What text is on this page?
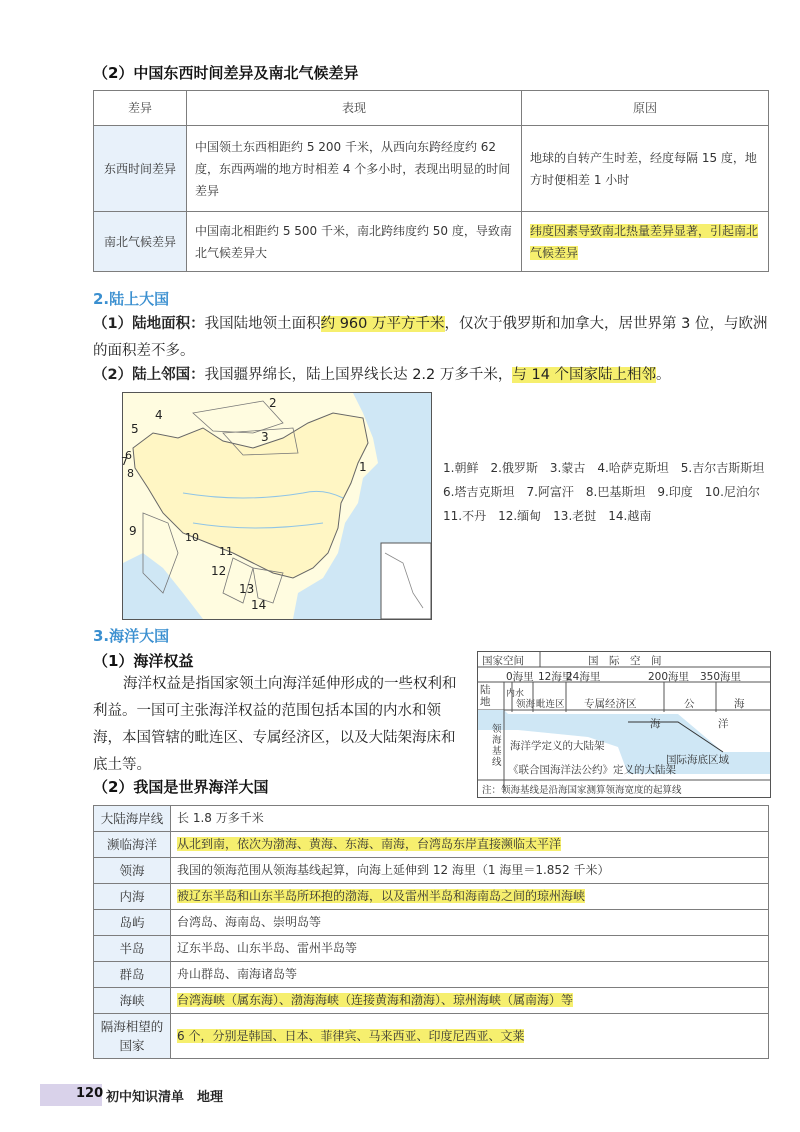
（2）中国东西时间差异及南北气候差异
差异	表现	原因
东西时间差异	中国领土东西相距约 5 200 千米，从西向东跨经度约 62 度，东西两端的地方时相差 4 个多小时，表现出明显的时间差异	地球的自转产生时差，经度每隔 15 度，地方时便相差 1 小时
南北气候差异	中国南北相距约 5 500 千米，南北跨纬度约 50 度，导致南北气候差异大	纬度因素导致南北热量差异显著，引起南北气候差异
2.陆上大国
（1）陆地面积：我国陆地领土面积约 960 万平方千米，仅次于俄罗斯和加拿大，居世界第 3 位，与欧洲的面积差不多。
（2）陆上邻国：我国疆界绵长，陆上国界线长达 2.2 万多千米，与 14 个国家陆上相邻。
1
2
3
4
5
6
7
8
9	10
11
12
13
14
1.朝鲜　2.俄罗斯　3.蒙古　4.哈萨克斯坦　5.吉尔吉斯斯坦　6.塔吉克斯坦　7.阿富汗　8.巴基斯坦　9.印度　10.尼泊尔　11.不丹　12.缅甸　13.老挝　14.越南
3.海洋大国
（1）海洋权益
海洋权益是指国家领土向海洋延伸形成的一些权利和利益。一国可主张海洋权益的范围包括本国的内水和领海，本国管辖的毗连区、专属经济区，以及大陆架海床和底土等。
（2）我国是世界海洋大国
国家空间	国　际　空　间
0海里 12海里
24海里	200海里 350海里
陆地
内水
领海 毗连区 专属经济区	公	海
海	洋
领海基线
海洋学定义的大陆架
《联合国海洋法公约》定义的大陆架
国际海底区域
注：领海基线是沿海国家测算领海宽度的起算线
大陆海岸线	长 1.8 万多千米
濒临海洋	从北到南，依次为渤海、黄海、东海、南海，台湾岛东岸直接濒临太平洋
领海	我国的领海范围从领海基线起算，向海上延伸到 12 海里（1 海里＝1.852 千米）
内海	被辽东半岛和山东半岛所环抱的渤海，以及雷州半岛和海南岛之间的琼州海峡
岛屿	台湾岛、海南岛、崇明岛等
半岛	辽东半岛、山东半岛、雷州半岛等
群岛	舟山群岛、南海诸岛等
海峡	台湾海峡（属东海）、渤海海峡（连接黄海和渤海）、琼州海峡（属南海）等
隔海相望的国家	6 个，分别是韩国、日本、菲律宾、马来西亚、印度尼西亚、文莱
120 初中知识清单　地理
